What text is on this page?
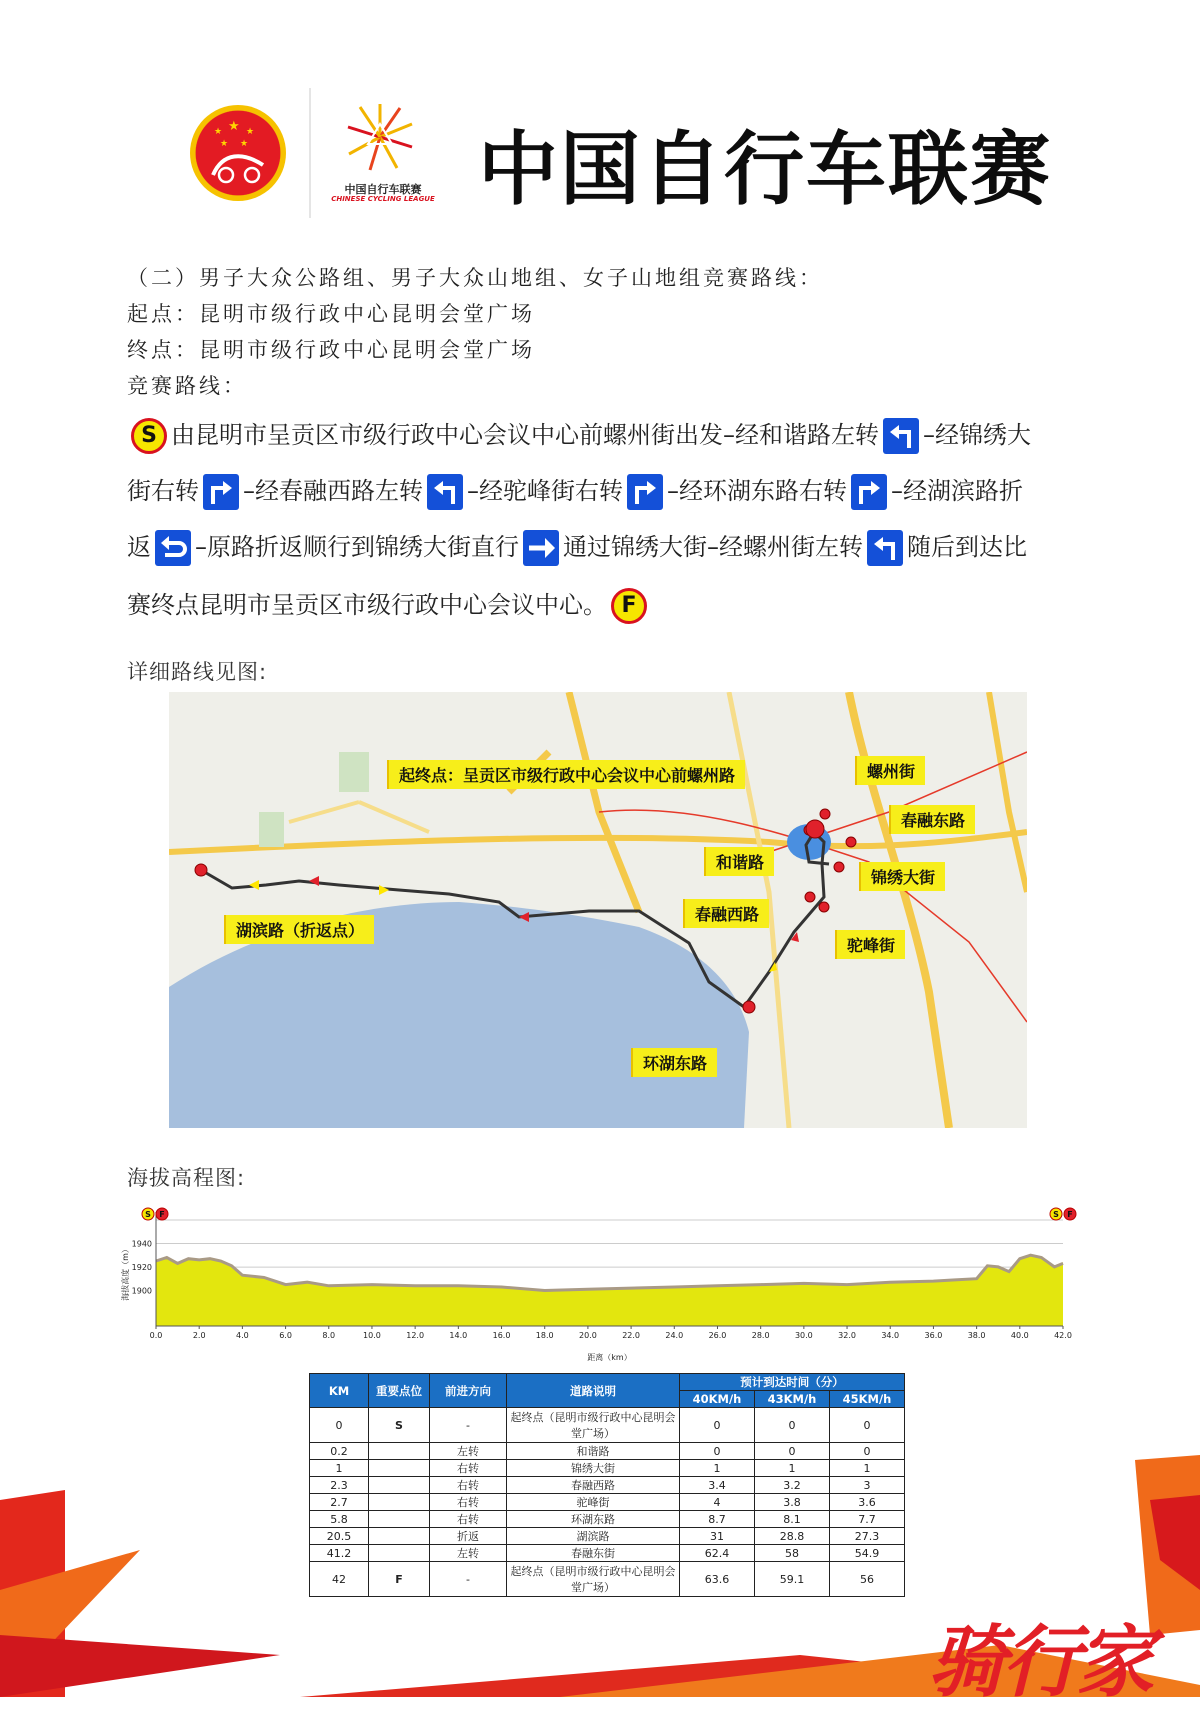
★
★	★
★ ★
中国自行车联赛
CHINESE CYCLING LEAGUE 中国自行车联赛
（二）男子大众公路组、男子大众山地组、女子山地组竞赛路线：
起点：昆明市级行政中心昆明会堂广场
终点：昆明市级行政中心昆明会堂广场
竞赛路线：
S 由昆明市呈贡区市级行政中心会议中心前螺州街出发–经和谐路左转 –经锦绣大
街右转 –经春融西路左转 –经驼峰街右转 –经环湖东路右转 –经湖滨路折
返 –原路折返顺行到锦绣大街直行 通过锦绣大街–经螺州街左转 随后到达比
赛终点昆明市呈贡区市级行政中心会议中心。 F
详细路线见图:
起终点：呈贡区市级行政中心会议中心前螺州路	螺州街
春融东路
和谐路
锦绣大街
春融西路
驼峰街
环湖东路
湖滨路（折返点）
海拔高程图:
1940
1920
1900
0.0	2.0	4.0	6.0	8.0	10.0	12.0	14.0	16.0	18.0	20.0	22.0	24.0	26.0	28.0	30.0	32.0	34.0	36.0	38.0	40.0	42.0
海拔高度（m）
距离（km）
S F	S F
KM	重要点位	前进方向	道路说明	预计到达时间（分）		
				40KM/h	43KM/h	45KM/h
0	S	-	起终点（昆明市级行政中心昆明会堂广场）	0	0	0
0.2		左转	和谐路	0	0	0
1		右转	锦绣大街	1	1	1
2.3		右转	春融西路	3.4	3.2	3
2.7		右转	驼峰街	4	3.8	3.6
5.8		右转	环湖东路	8.7	8.1	7.7
20.5		折返	湖滨路	31	28.8	27.3
41.2		左转	春融东街	62.4	58	54.9
42	F	-	起终点（昆明市级行政中心昆明会堂广场）	63.6	59.1	56
骑行家
